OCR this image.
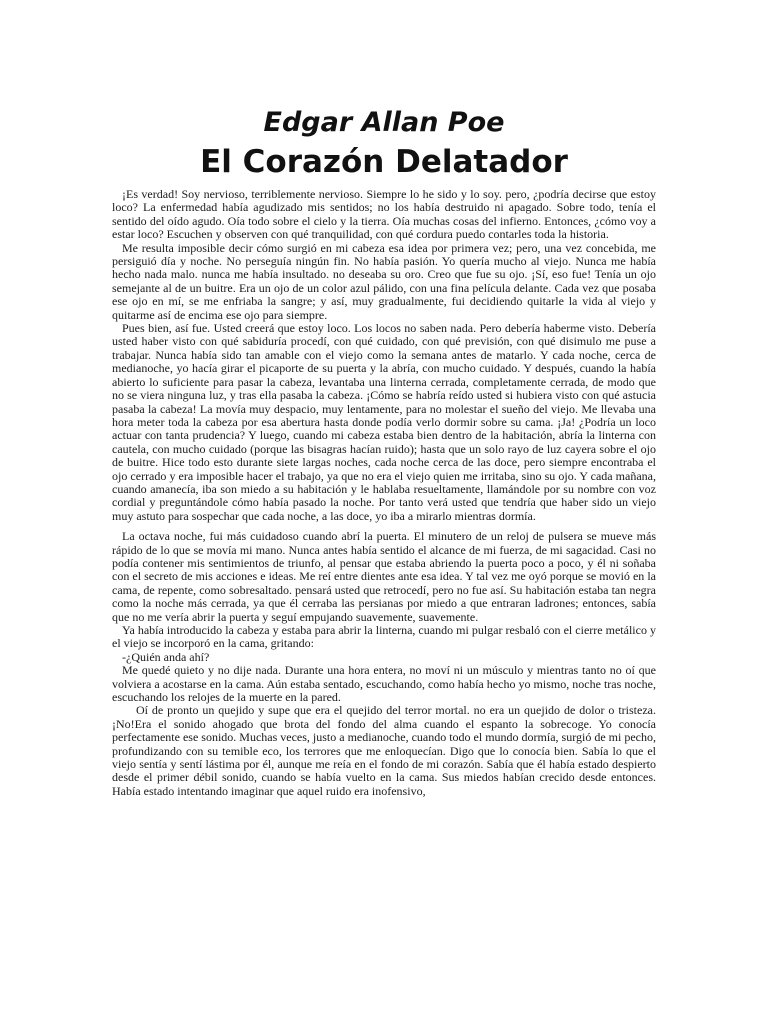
Edgar Allan Poe
El Corazón Delatador

¡Es verdad! Soy nervioso, terriblemente nervioso. Siempre lo he sido y lo soy. pero, ¿podría decirse que estoy loco? La enfermedad había agudizado mis sentidos; no los había destruido ni apagado. Sobre todo, tenía el sentido del oído agudo. Oía todo sobre el cielo y la tierra. Oía muchas cosas del infierno. Entonces, ¿cómo voy a estar loco? Escuchen y observen con qué tranquilidad, con qué cordura puedo contarles toda la historia.

Me resulta imposible decir cómo surgió en mi cabeza esa idea por primera vez; pero, una vez concebida, me persiguió día y noche. No perseguía ningún fin. No había pasión. Yo quería mucho al viejo. Nunca me había hecho nada malo. nunca me había insultado. no deseaba su oro. Creo que fue su ojo. ¡Sí, eso fue! Tenía un ojo semejante al de un buitre. Era un ojo de un color azul pálido, con una fina película delante. Cada vez que posaba ese ojo en mí, se me enfriaba la sangre; y así, muy gradualmente, fui decidiendo quitarle la vida al viejo y quitarme así de encima ese ojo para siempre.

Pues bien, así fue. Usted creerá que estoy loco. Los locos no saben nada. Pero debería haberme visto. Debería usted haber visto con qué sabiduría procedí, con qué cuidado, con qué previsión, con qué disimulo me puse a trabajar. Nunca había sido tan amable con el viejo como la semana antes de matarlo. Y cada noche, cerca de medianoche, yo hacía girar el picaporte de su puerta y la abría, con mucho cuidado. Y después, cuando la había abierto lo suficiente para pasar la cabeza, levantaba una linterna cerrada, completamente cerrada, de modo que no se viera ninguna luz, y tras ella pasaba la cabeza. ¡Cómo se habría reído usted si hubiera visto con qué astucia pasaba la cabeza! La movía muy despacio, muy lentamente, para no molestar el sueño del viejo. Me llevaba una hora meter toda la cabeza por esa abertura hasta donde podía verlo dormir sobre su cama. ¡Ja! ¿Podría un loco actuar con tanta prudencia? Y luego, cuando mi cabeza estaba bien dentro de la habitación, abría la linterna con cautela, con mucho cuidado (porque las bisagras hacían ruido); hasta que un solo rayo de luz cayera sobre el ojo de buitre. Hice todo esto durante siete largas noches, cada noche cerca de las doce, pero siempre encontraba el ojo cerrado y era imposible hacer el trabajo, ya que no era el viejo quien me irritaba, sino su ojo. Y cada mañana, cuando amanecía, iba son miedo a su habitación y le hablaba resueltamente, llamándole por su nombre con voz cordial y preguntándole cómo había pasado la noche. Por tanto verá usted que tendría que haber sido un viejo muy astuto para sospechar que cada noche, a las doce, yo iba a mirarlo mientras dormía.

La octava noche, fui más cuidadoso cuando abrí la puerta. El minutero de un reloj de pulsera se mueve más rápido de lo que se movía mi mano. Nunca antes había sentido el alcance de mi fuerza, de mi sagacidad. Casi no podía contener mis sentimientos de triunfo, al pensar que estaba abriendo la puerta poco a poco, y él ni soñaba con el secreto de mis acciones e ideas. Me reí entre dientes ante esa idea. Y tal vez me oyó porque se movió en la cama, de repente, como sobresaltado. pensará usted que retrocedí, pero no fue así. Su habitación estaba tan negra como la noche más cerrada, ya que él cerraba las persianas por miedo a que entraran ladrones; entonces, sabía que no me vería abrir la puerta y seguí empujando suavemente, suavemente.

Ya había introducido la cabeza y estaba para abrir la linterna, cuando mi pulgar resbaló con el cierre metálico y el viejo se incorporó en la cama, gritando:

-¿Quién anda ahí?

Me quedé quieto y no dije nada. Durante una hora entera, no moví ni un músculo y mientras tanto no oí que volviera a acostarse en la cama. Aún estaba sentado, escuchando, como había hecho yo mismo, noche tras noche, escuchando los relojes de la muerte en la pared.

Oí de pronto un quejido y supe que era el quejido del terror mortal. no era un quejido de dolor o tristeza. ¡No!Era el sonido ahogado que brota del fondo del alma cuando el espanto la sobrecoge. Yo conocía perfectamente ese sonido. Muchas veces, justo a medianoche, cuando todo el mundo dormía, surgió de mi pecho, profundizando con su temible eco, los terrores que me enloquecían. Digo que lo conocía bien. Sabía lo que el viejo sentía y sentí lástima por él, aunque me reía en el fondo de mi corazón. Sabía que él había estado despierto desde el primer débil sonido, cuando se había vuelto en la cama. Sus miedos habían crecido desde entonces. Había estado intentando imaginar que aquel ruido era inofensivo,
